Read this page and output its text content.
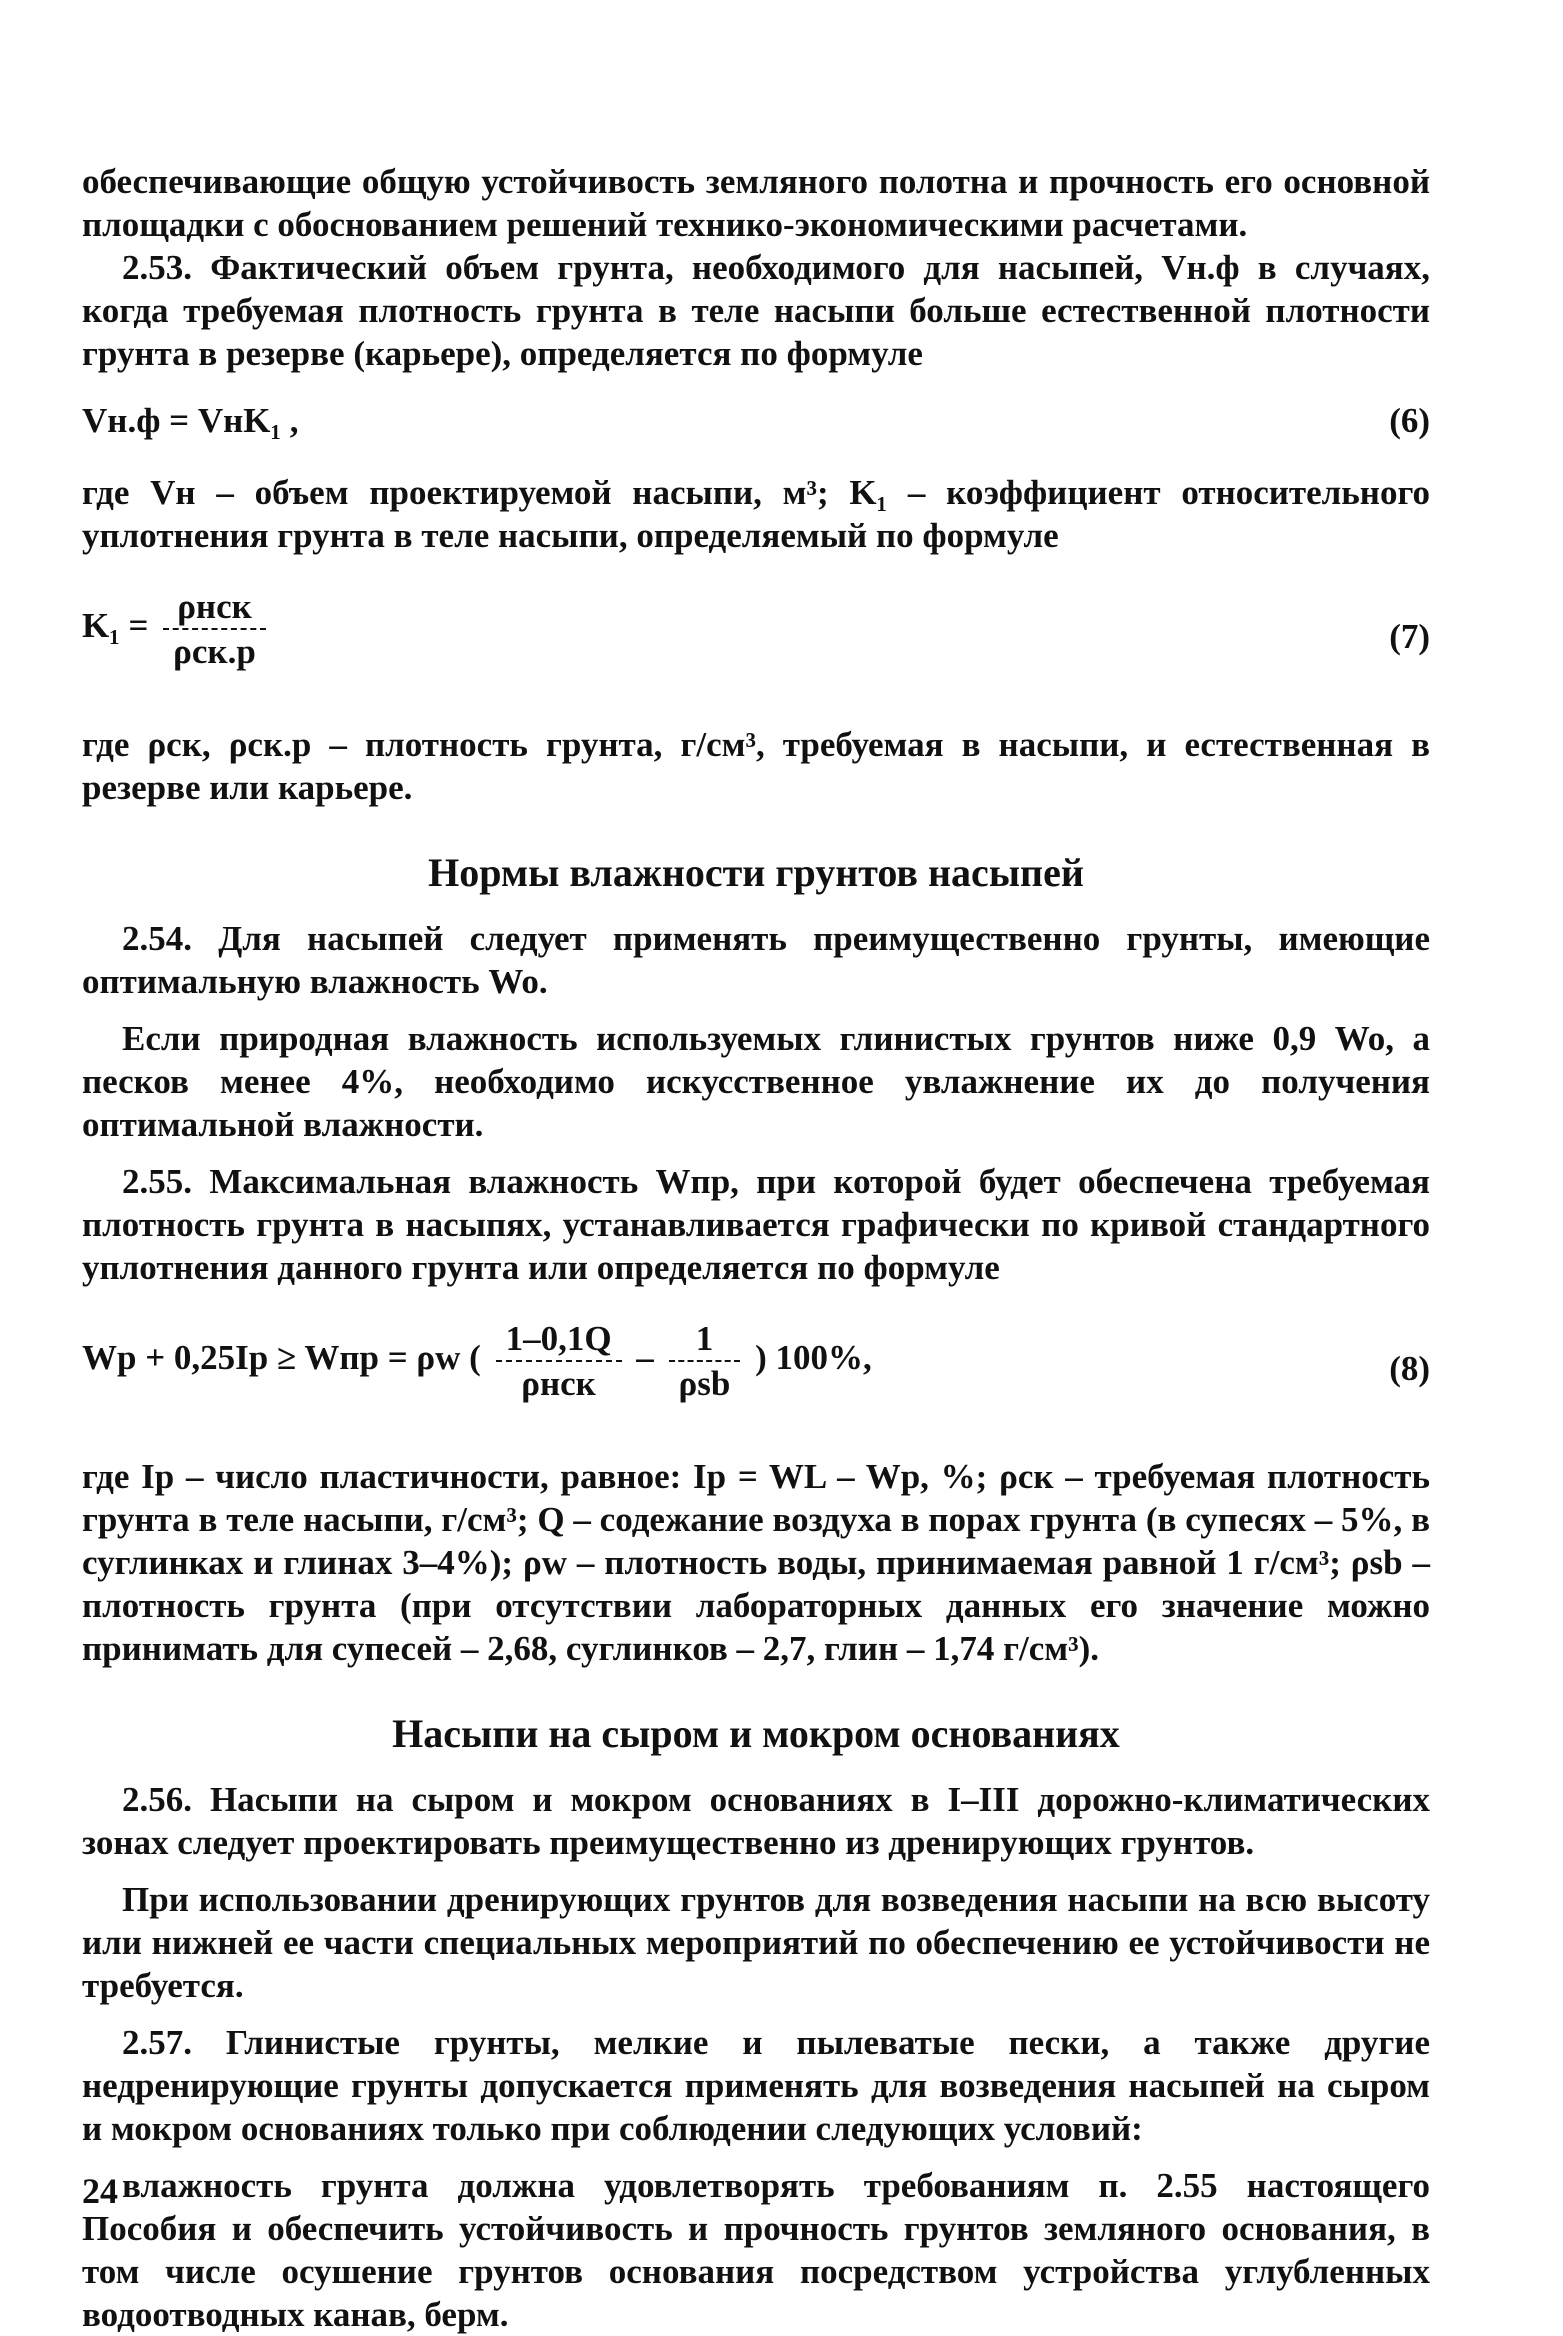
обеспечивающие общую устойчивость земляного полотна и прочность его основной площадки с обоснованием решений технико-экономическими расчетами.

2.53. Фактический объем грунта, необходимого для насыпей, Vн.ф в случаях, когда требуемая плотность грунта в теле насыпи больше естественной плотности грунта в резерве (карьере), определяется по формуле

Vн.ф = VнK₁ ,	(6)

где Vн – объем проектируемой насыпи, м³; K₁ – коэффициент относительного уплотнения грунта в теле насыпи, определяемый по формуле

$K_1 = \frac{\text{ρнск}}{\text{ρск.р}}$	(7)

где ρск, ρск.р – плотность грунта, г/см³, требуемая в насыпи, и естественная в резерве или карьере.

Нормы влажности грунтов насыпей

2.54. Для насыпей следует применять преимущественно грунты, имеющие оптимальную влажность Wo.

Если природная влажность используемых глинистых грунтов ниже 0,9 Wo, а песков менее 4%, необходимо искусственное увлажнение их до получения оптимальной влажности.

2.55. Максимальная влажность Wпр, при которой будет обеспечена требуемая плотность грунта в насыпях, устанавливается графически по кривой стандартного уплотнения данного грунта или определяется по формуле

Wp + 0,25Ip ≥ Wпр = ρw ( $\frac{1-0,1Q}{\text{ρнск}} - \frac{1}{\text{ρsb}}$ ) 100%,	(8)

где Ip – число пластичности, равное: Ip = WL – Wp, %; ρск – требуемая плотность грунта в теле насыпи, г/см³; Q – содежание воздуха в порах грунта (в супесях – 5%, в суглинках и глинах 3–4%); ρw – плотность воды, принимаемая равной 1 г/см³; ρsb – плотность грунта (при отсутствии лабораторных данных его значение можно принимать для супесей – 2,68, суглинков – 2,7, глин – 1,74 г/см³).

Насыпи на сыром и мокром основаниях

2.56. Насыпи на сыром и мокром основаниях в I–III дорожно-климатических зонах следует проектировать преимущественно из дренирующих грунтов.

При использовании дренирующих грунтов для возведения насыпи на всю высоту или нижней ее части специальных мероприятий по обеспечению ее устойчивости не требуется.

2.57. Глинистые грунты, мелкие и пылеватые пески, а также другие недренирующие грунты допускается применять для возведения насыпей на сыром и мокром основаниях только при соблюдении следующих условий:

влажность грунта должна удовлетворять требованиям п. 2.55 настоящего Пособия и обеспечить устойчивость и прочность грунтов земляного основания, в том числе осушение грунтов основания посредством устройства углубленных водоотводных канав, берм.

24
